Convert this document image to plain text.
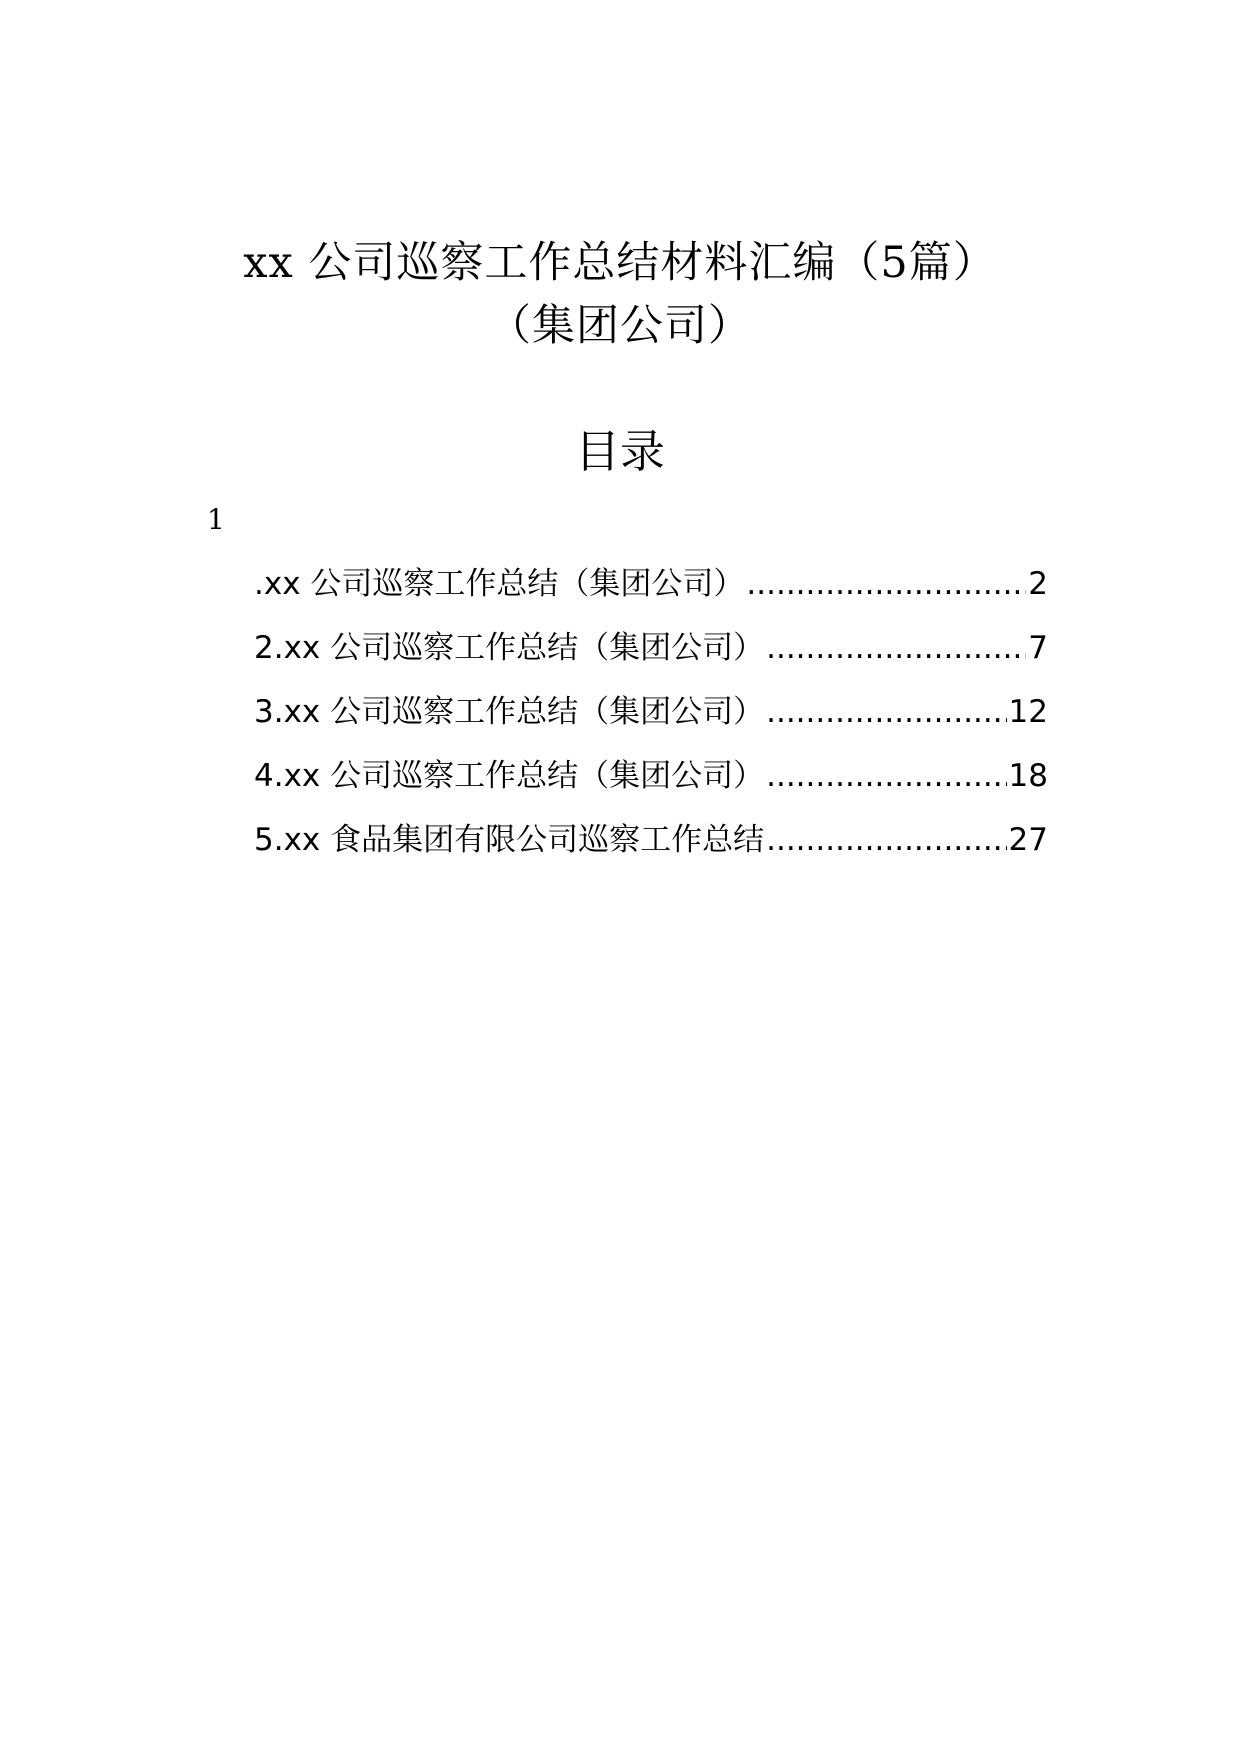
xx 公司巡察工作总结材料汇编（5篇）
（集团公司）
目录
1
.xx 公司巡察工作总结（集团公司） .....	2
2.xx 公司巡察工作总结（集团公司） .....	7
3.xx 公司巡察工作总结（集团公司） .....	12
4.xx 公司巡察工作总结（集团公司） .....	18
5.xx 食品集团有限公司巡察工作总结 .....	27
